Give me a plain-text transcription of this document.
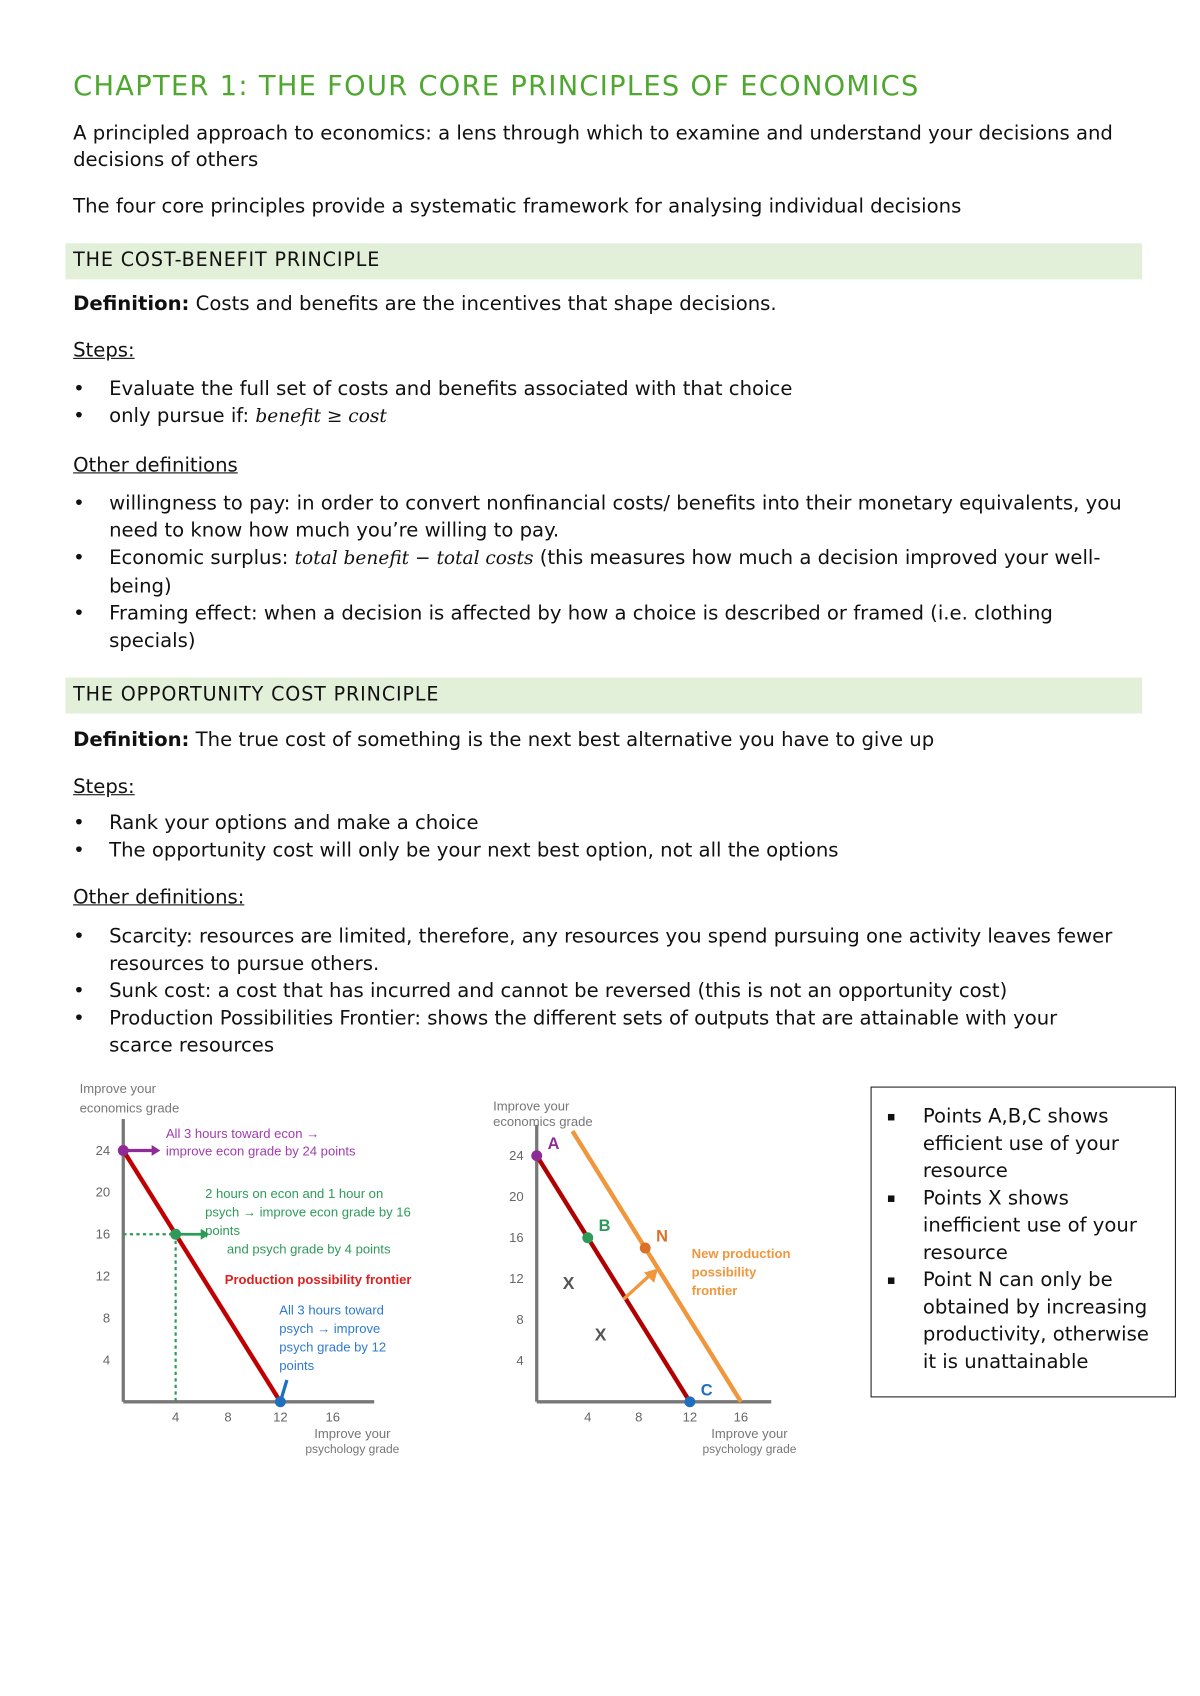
CHAPTER 1: THE FOUR CORE PRINCIPLES OF ECONOMICS

A principled approach to economics: a lens through which to examine and understand your decisions and decisions of others

The four core principles provide a systematic framework for analysing individual decisions

THE COST-BENEFIT PRINCIPLE

Definition: Costs and benefits are the incentives that shape decisions.

Steps:

• Evaluate the full set of costs and benefits associated with that choice
• only pursue if: benefit ≥ cost

Other definitions

• willingness to pay: in order to convert nonfinancial costs/ benefits into their monetary equivalents, you need to know how much you’re willing to pay.
• Economic surplus: total benefit − total costs (this measures how much a decision improved your well-being)
• Framing effect: when a decision is affected by how a choice is described or framed (i.e. clothing specials)
THE OPPORTUNITY COST PRINCIPLE

Definition: The true cost of something is the next best alternative you have to give up

Steps:

• Rank your options and make a choice
• The opportunity cost will only be your next best option, not all the options

Other definitions:

• Scarcity: resources are limited, therefore, any resources you spend pursuing one activity leaves fewer resources to pursue others.
• Sunk cost: a cost that has incurred and cannot be reversed (this is not an opportunity cost)
• Production Possibilities Frontier: shows the different sets of outputs that are attainable with your scarce resources
Improve your
economics grade
Improve your
psychology grade
4
8
12
16
20
24
4	8	12	16
All 3 hours toward econ →
improve econ grade by 24 points
2 hours on econ and 1 hour on
psych → improve econ grade by 16
points
and psych grade by 4 points
Production possibility frontier
All 3 hours toward
psych → improve
psych grade by 12
points
Improve your
economics grade
Improve your
psychology grade
4
8
12
16
20
24
4	8	12	16
A
B
N
C
X
X
New production
possibility
frontier
▪ Points A,B,C shows efficient use of your resource
▪ Points X shows inefficient use of your resource
▪ Point N can only be obtained by increasing productivity, otherwise it is unattainable
